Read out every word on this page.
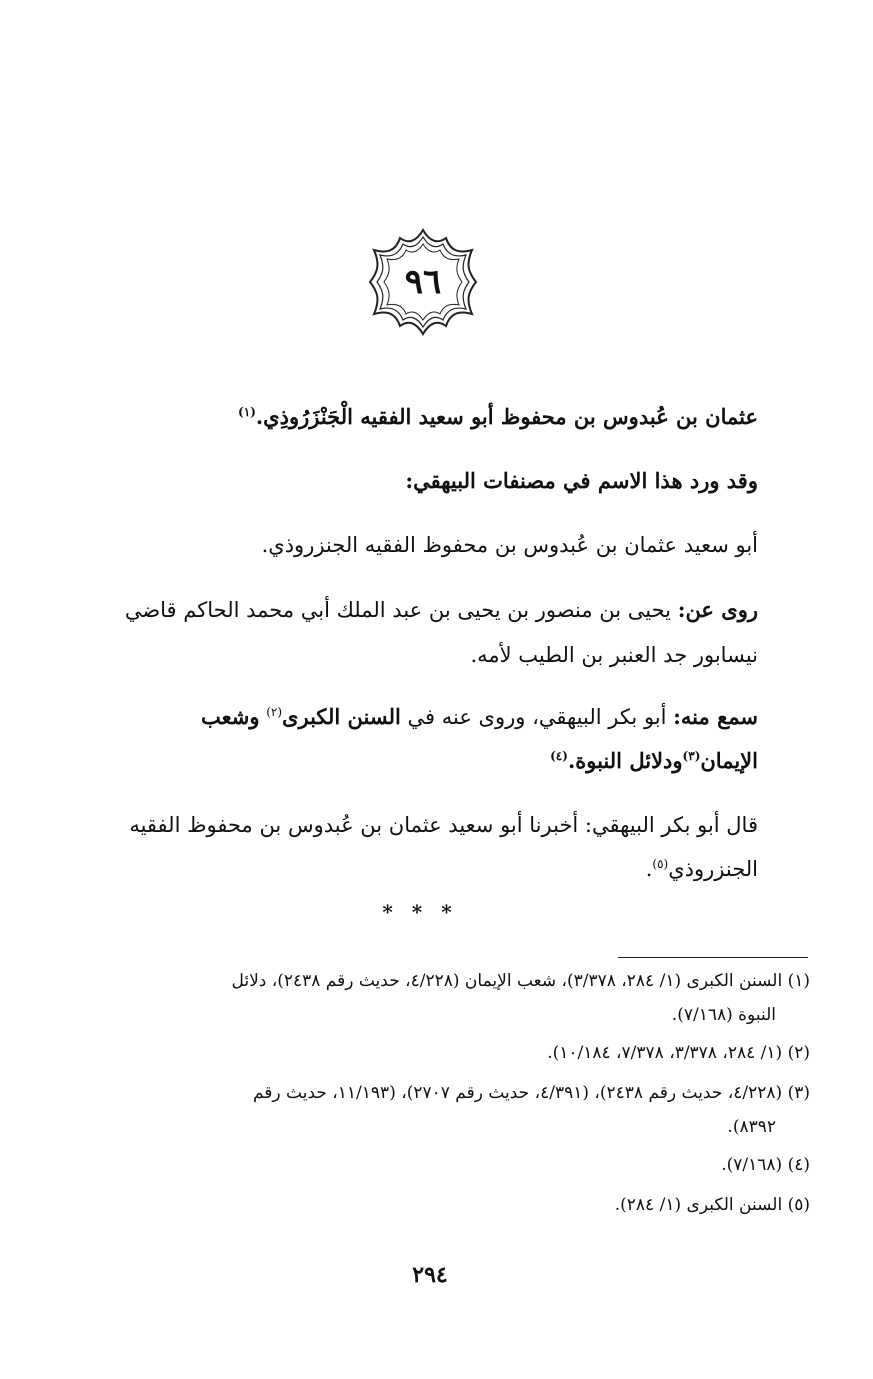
٩٦
عثمان بن عُبدوس بن محفوظ أبو سعيد الفقيه الْجَنْزَرُوذِي.$^{(١)}$
وقد ورد هذا الاسم في مصنفات البيهقي:
أبو سعيد عثمان بن عُبدوس بن محفوظ الفقيه الجنزروذي.
روى عن: يحيى بن منصور بن يحيى بن عبد الملك أبي محمد الحاكم قاضي
نيسابور جد العنبر بن الطيب لأمه.
سمع منه: أبو بكر البيهقي، وروى عنه في السنن الكبرى$^{(٢)}$ وشعب
الإيمان$^{(٣)}$ودلائل النبوة.$^{(٤)}$
قال أبو بكر البيهقي: أخبرنا أبو سعيد عثمان بن عُبدوس بن محفوظ الفقيه
الجنزروذي$^{(٥)}$.
* * *
(١) السنن الكبرى (١/ ٢٨٤، ٣/٣٧٨)، شعب الإيمان (٤/٢٢٨، حديث رقم ٢٤٣٨)، دلائل
النبوة (٧/١٦٨).
(٢) (١/ ٢٨٤، ٣/٣٧٨، ٧/٣٧٨، ١٠/١٨٤).
(٣) (٤/٢٢٨، حديث رقم ٢٤٣٨)، (٤/٣٩١، حديث رقم ٢٧٠٧)، (١١/١٩٣، حديث رقم
٨٣٩٢).
(٤) (٧/١٦٨).
(٥) السنن الكبرى (١/ ٢٨٤).
٢٩٤
